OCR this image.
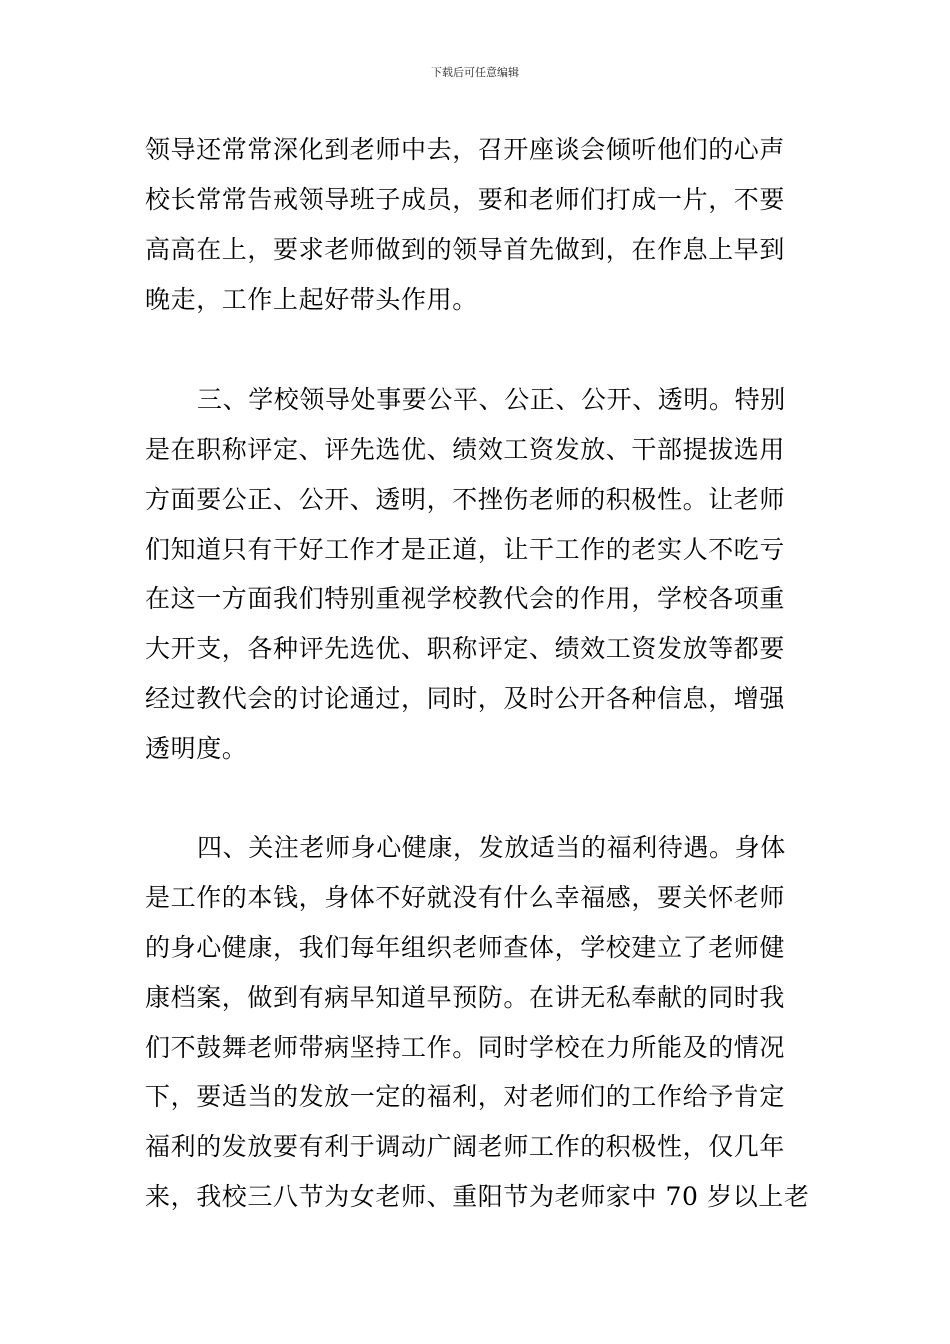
下载后可任意编辑
领导还常常深化到老师中去，召开座谈会倾听他们的心声
校长常常告戒领导班子成员，要和老师们打成一片，不要
高高在上，要求老师做到的领导首先做到，在作息上早到
晚走，工作上起好带头作用。
三、学校领导处事要公平、公正、公开、透明。特别
是在职称评定、评先选优、绩效工资发放、干部提拔选用
方面要公正、公开、透明，不挫伤老师的积极性。让老师
们知道只有干好工作才是正道，让干工作的老实人不吃亏
在这一方面我们特别重视学校教代会的作用，学校各项重
大开支，各种评先选优、职称评定、绩效工资发放等都要
经过教代会的讨论通过，同时，及时公开各种信息，增强
透明度。
四、关注老师身心健康，发放适当的福利待遇。身体
是工作的本钱，身体不好就没有什么幸福感，要关怀老师
的身心健康，我们每年组织老师查体，学校建立了老师健
康档案，做到有病早知道早预防。在讲无私奉献的同时我
们不鼓舞老师带病坚持工作。同时学校在力所能及的情况
下，要适当的发放一定的福利，对老师们的工作给予肯定
福利的发放要有利于调动广阔老师工作的积极性，仅几年
来，我校三八节为女老师、重阳节为老师家中 70 岁以上老
